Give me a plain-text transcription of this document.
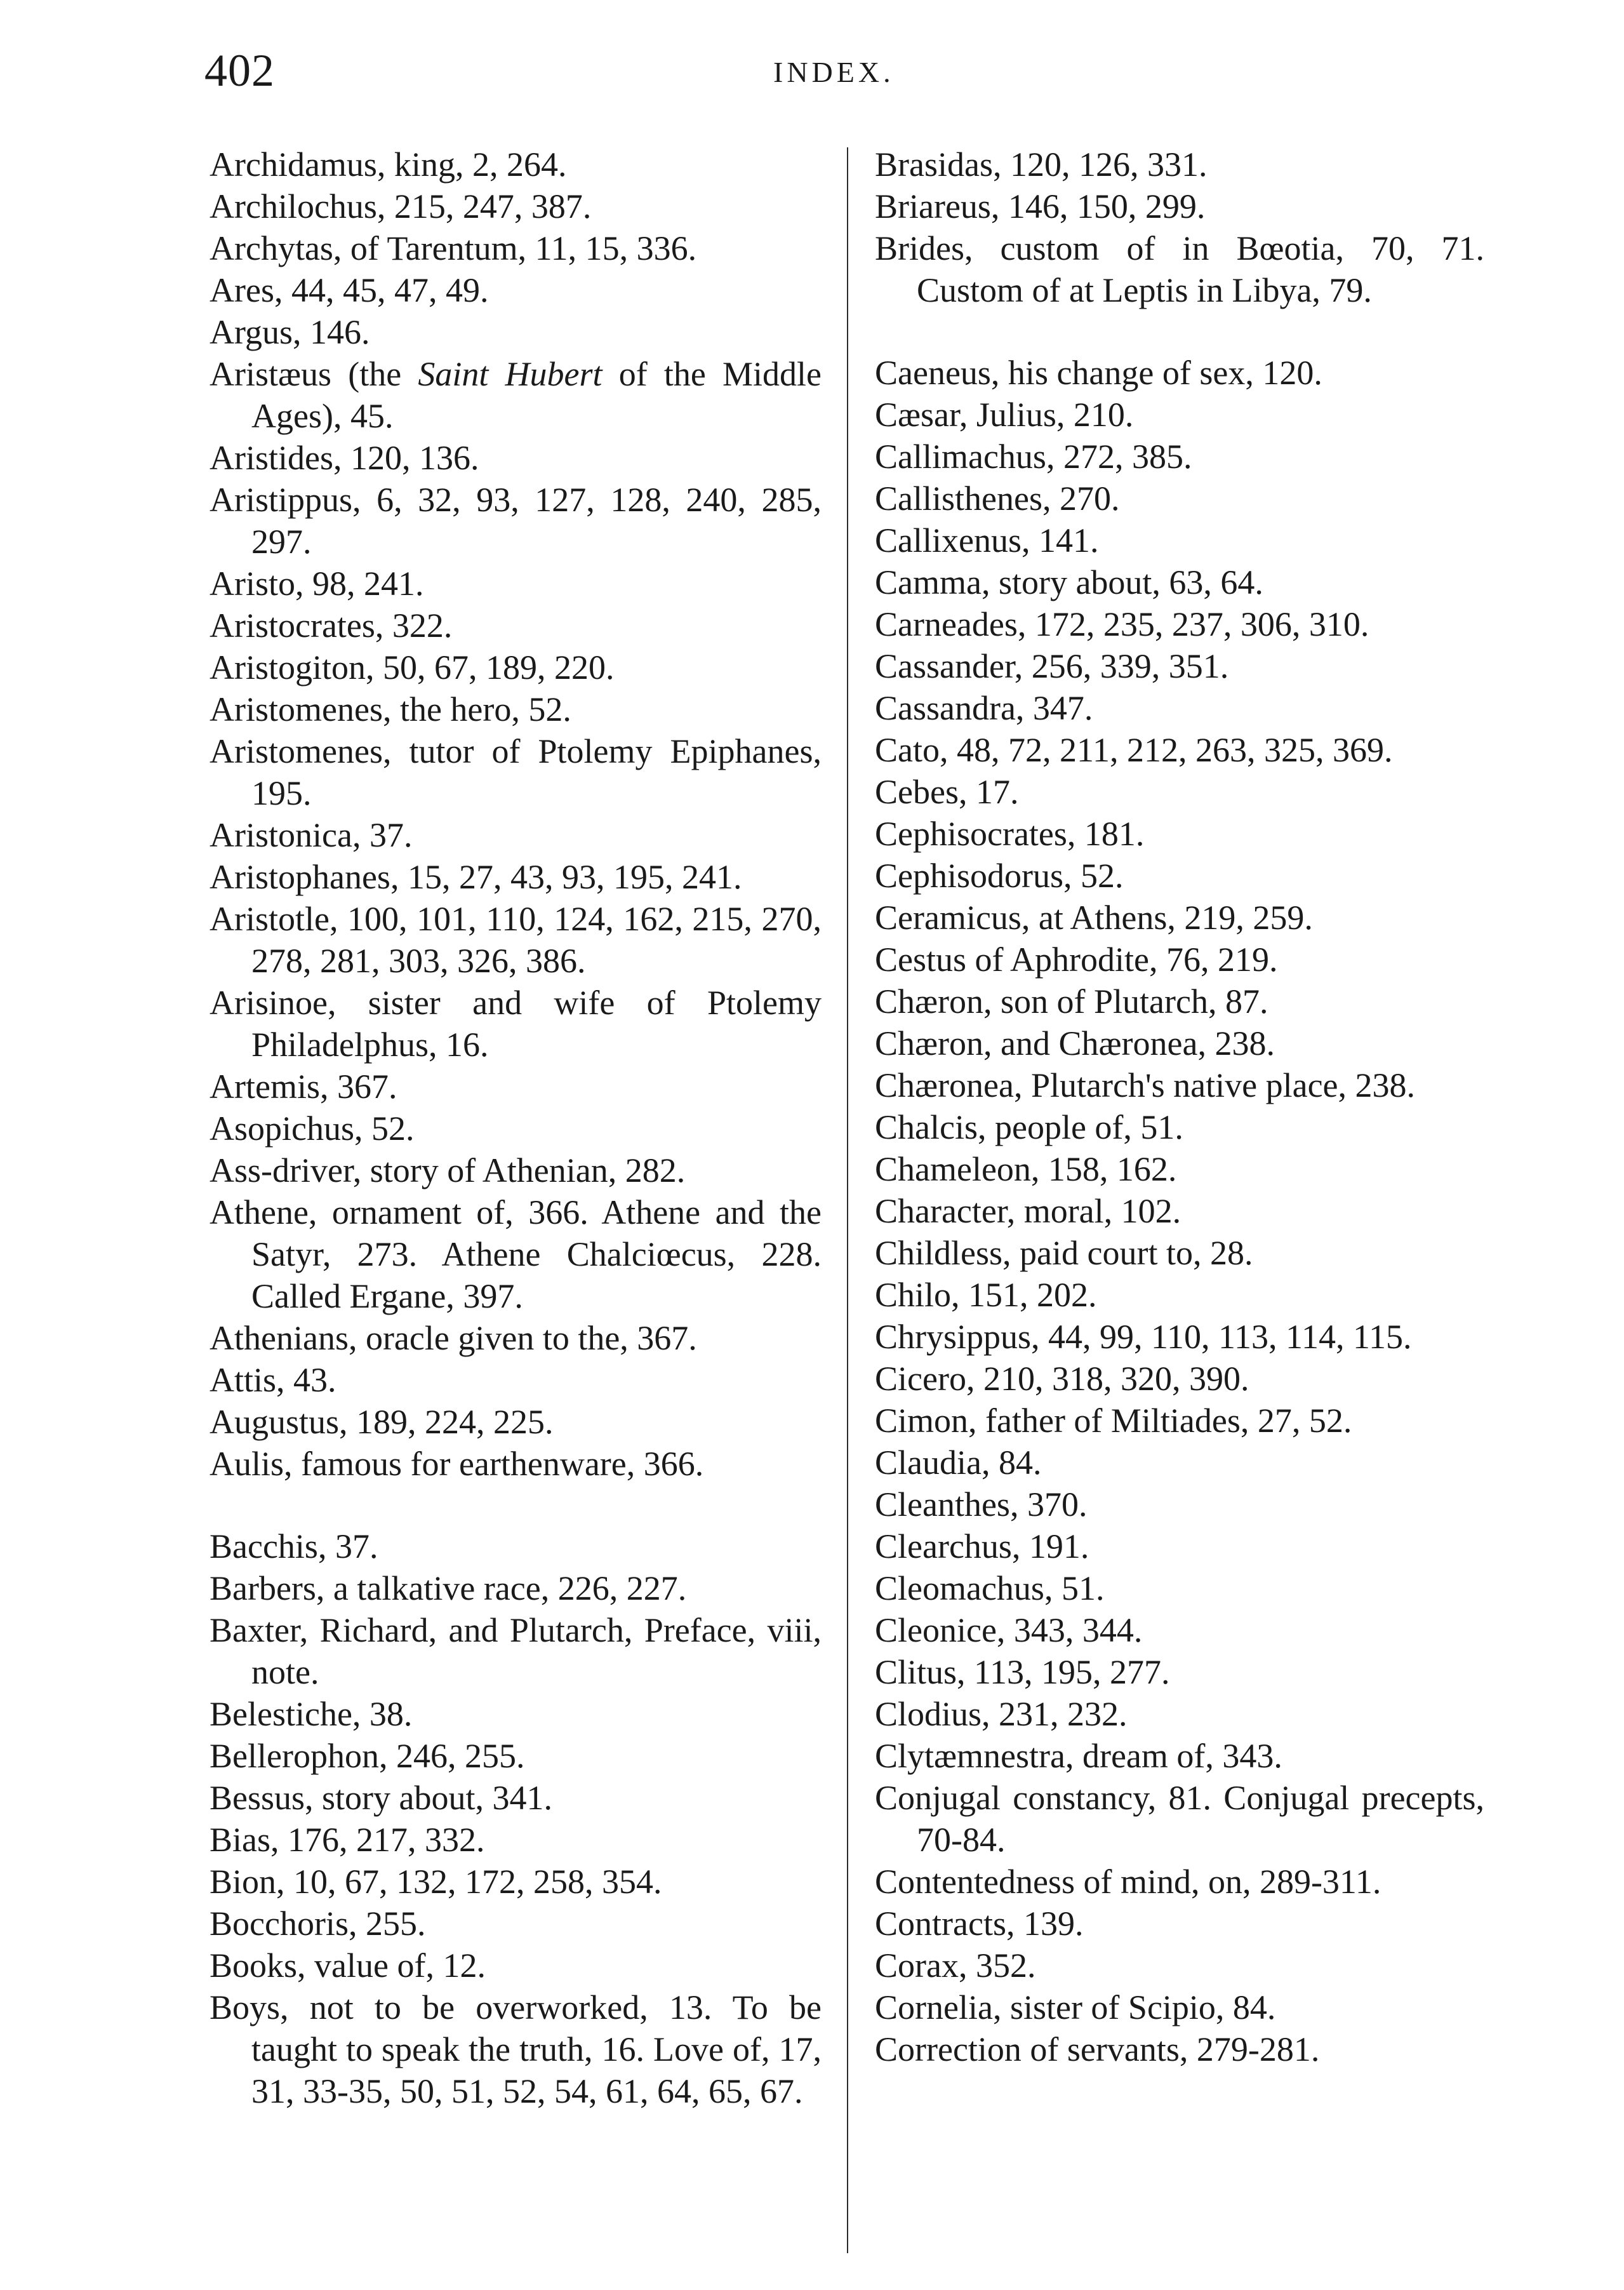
402	INDEX.
Archidamus, king, 2, 264.
Archilochus, 215, 247, 387.
Archytas, of Tarentum, 11, 15, 336.
Ares, 44, 45, 47, 49.
Argus, 146.
Aristæus (the Saint Hubert of the Middle Ages), 45.
Aristides, 120, 136.
Aristippus, 6, 32, 93, 127, 128, 240, 285, 297.
Aristo, 98, 241.
Aristocrates, 322.
Aristogiton, 50, 67, 189, 220.
Aristomenes, the hero, 52.
Aristomenes, tutor of Ptolemy Epiphanes, 195.
Aristonica, 37.
Aristophanes, 15, 27, 43, 93, 195, 241.
Aristotle, 100, 101, 110, 124, 162, 215, 270, 278, 281, 303, 326, 386.
Arisinoe, sister and wife of Ptolemy Philadelphus, 16.
Artemis, 367.
Asopichus, 52.
Ass-driver, story of Athenian, 282.
Athene, ornament of, 366. Athene and the Satyr, 273. Athene Chalciœcus, 228. Called Ergane, 397.
Athenians, oracle given to the, 367.
Attis, 43.
Augustus, 189, 224, 225.
Aulis, famous for earthenware, 366.
Bacchis, 37.
Barbers, a talkative race, 226, 227.
Baxter, Richard, and Plutarch, Preface, viii, note.
Belestiche, 38.
Bellerophon, 246, 255.
Bessus, story about, 341.
Bias, 176, 217, 332.
Bion, 10, 67, 132, 172, 258, 354.
Bocchoris, 255.
Books, value of, 12.
Boys, not to be overworked, 13. To be taught to speak the truth, 16. Love of, 17, 31, 33-35, 50, 51, 52, 54, 61, 64, 65, 67.
Brasidas, 120, 126, 331.
Briareus, 146, 150, 299.
Brides, custom of in Bœotia, 70, 71. Custom of at Leptis in Libya, 79.
Caeneus, his change of sex, 120.
Cæsar, Julius, 210.
Callimachus, 272, 385.
Callisthenes, 270.
Callixenus, 141.
Camma, story about, 63, 64.
Carneades, 172, 235, 237, 306, 310.
Cassander, 256, 339, 351.
Cassandra, 347.
Cato, 48, 72, 211, 212, 263, 325, 369.
Cebes, 17.
Cephisocrates, 181.
Cephisodorus, 52.
Ceramicus, at Athens, 219, 259.
Cestus of Aphrodite, 76, 219.
Chæron, son of Plutarch, 87.
Chæron, and Chæronea, 238.
Chæronea, Plutarch's native place, 238.
Chalcis, people of, 51.
Chameleon, 158, 162.
Character, moral, 102.
Childless, paid court to, 28.
Chilo, 151, 202.
Chrysippus, 44, 99, 110, 113, 114, 115.
Cicero, 210, 318, 320, 390.
Cimon, father of Miltiades, 27, 52.
Claudia, 84.
Cleanthes, 370.
Clearchus, 191.
Cleomachus, 51.
Cleonice, 343, 344.
Clitus, 113, 195, 277.
Clodius, 231, 232.
Clytæmnestra, dream of, 343.
Conjugal constancy, 81. Conjugal precepts, 70-84.
Contentedness of mind, on, 289-311.
Contracts, 139.
Corax, 352.
Cornelia, sister of Scipio, 84.
Correction of servants, 279-281.
